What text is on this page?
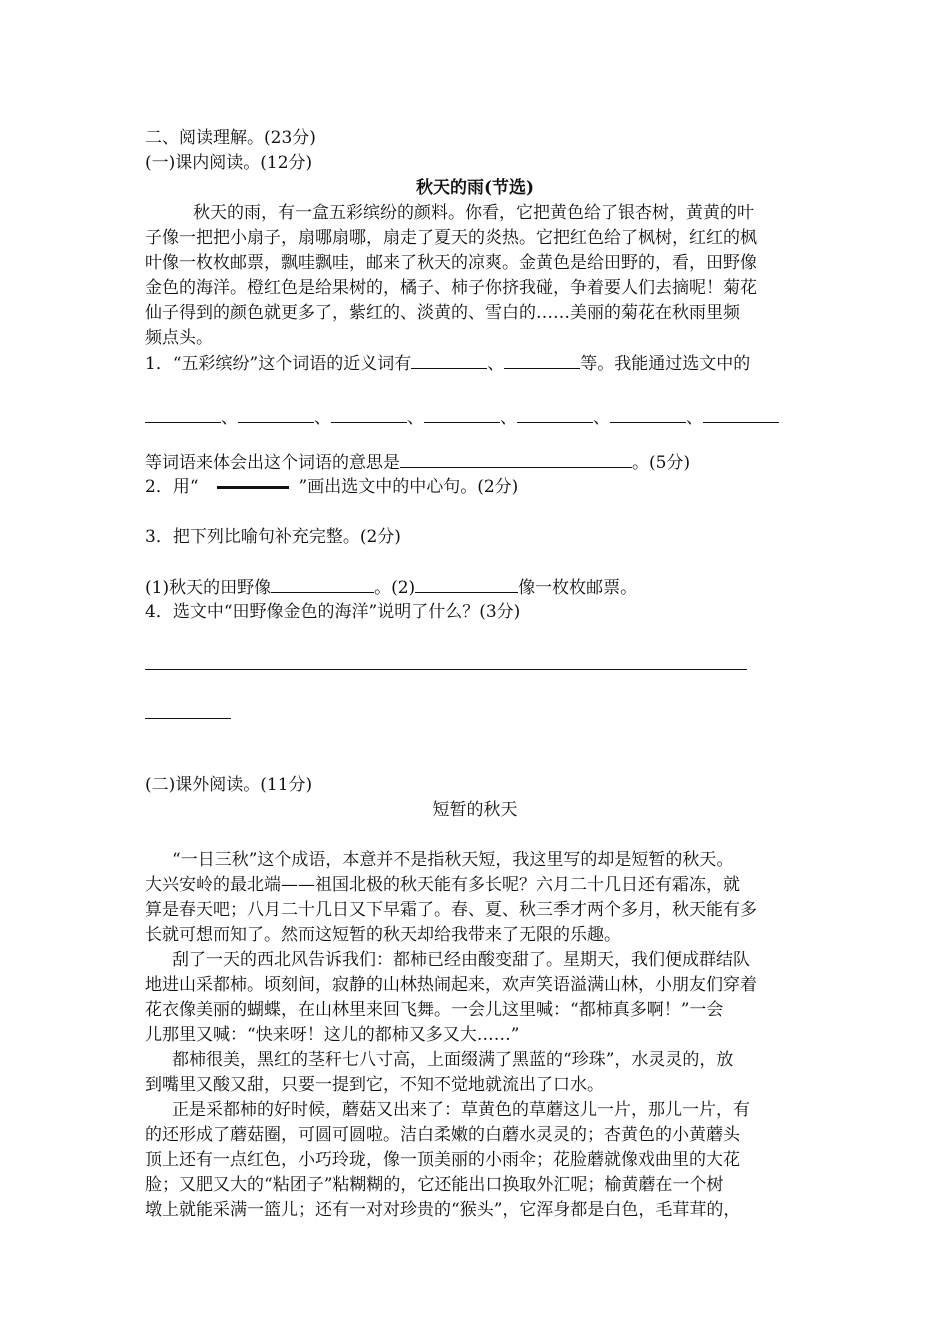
二、阅读理解。(23分)
(一)课内阅读。(12分)
秋天的雨(节选)
秋天的雨，有一盒五彩缤纷的颜料。你看，它把黄色给了银杏树，黄黄的叶
子像一把把小扇子，扇哪扇哪，扇走了夏天的炎热。它把红色给了枫树，红红的枫
叶像一枚枚邮票，飘哇飘哇，邮来了秋天的凉爽。金黄色是给田野的，看，田野像
金色的海洋。橙红色是给果树的，橘子、柿子你挤我碰，争着要人们去摘呢！菊花
仙子得到的颜色就更多了，紫红的、淡黄的、雪白的……美丽的菊花在秋雨里频
频点头。
1．“五彩缤纷”这个词语的近义词有	、	等。我能通过选文中的
、	、	、	、	、	、
等词语来体会出这个词语的意思是	。(5分)
2．用“	”画出选文中的中心句。(2分)
3．把下列比喻句补充完整。(2分)
(1)秋天的田野像	。(2)	像一枚枚邮票。
4．选文中“田野像金色的海洋”说明了什么？(3分)
(二)课外阅读。(11分)
短暂的秋天
“一日三秋”这个成语，本意并不是指秋天短，我这里写的却是短暂的秋天。
大兴安岭的最北端——祖国北极的秋天能有多长呢？六月二十几日还有霜冻，就
算是春天吧；八月二十几日又下早霜了。春、夏、秋三季才两个多月，秋天能有多
长就可想而知了。然而这短暂的秋天却给我带来了无限的乐趣。
刮了一天的西北风告诉我们：都柿已经由酸变甜了。星期天，我们便成群结队
地进山采都柿。顷刻间，寂静的山林热闹起来，欢声笑语溢满山林，小朋友们穿着
花衣像美丽的蝴蝶，在山林里来回飞舞。一会儿这里喊：“都柿真多啊！”一会
儿那里又喊：“快来呀！这儿的都柿又多又大……”
都柿很美，黑红的茎秆七八寸高，上面缀满了黑蓝的“珍珠”，水灵灵的，放
到嘴里又酸又甜，只要一提到它，不知不觉地就流出了口水。
正是采都柿的好时候，蘑菇又出来了：草黄色的草蘑这儿一片，那儿一片，有
的还形成了蘑菇圈，可圆可圆啦。洁白柔嫩的白蘑水灵灵的；杏黄色的小黄蘑头
顶上还有一点红色，小巧玲珑，像一顶美丽的小雨伞；花脸蘑就像戏曲里的大花
脸；又肥又大的“粘团子”粘糊糊的，它还能出口换取外汇呢；榆黄蘑在一个树
墩上就能采满一篮儿；还有一对对珍贵的“猴头”，它浑身都是白色，毛茸茸的，
